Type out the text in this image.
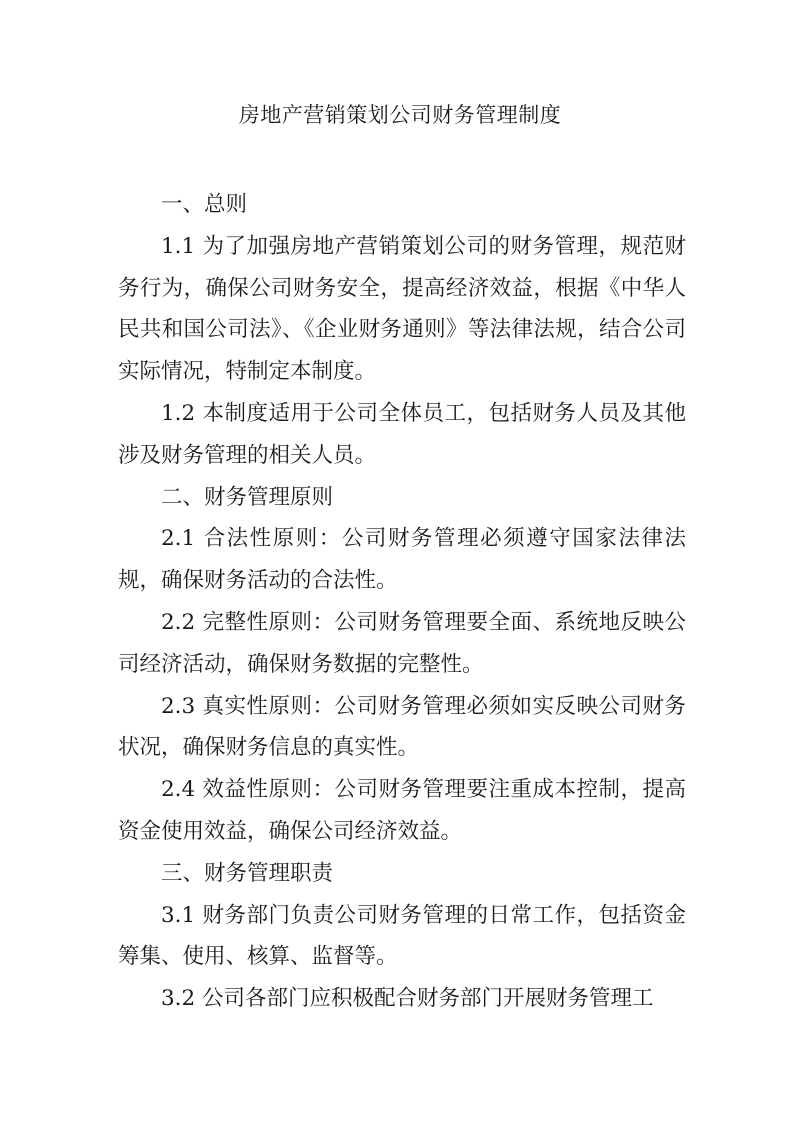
房地产营销策划公司财务管理制度

一、总则

1.1 为了加强房地产营销策划公司的财务管理，规范财务行为，确保公司财务安全，提高经济效益，根据《中华人民共和国公司法》、《企业财务通则》等法律法规，结合公司实际情况，特制定本制度。

1.2 本制度适用于公司全体员工，包括财务人员及其他涉及财务管理的相关人员。

二、财务管理原则

2.1 合法性原则：公司财务管理必须遵守国家法律法规，确保财务活动的合法性。

2.2 完整性原则：公司财务管理要全面、系统地反映公司经济活动，确保财务数据的完整性。

2.3 真实性原则：公司财务管理必须如实反映公司财务状况，确保财务信息的真实性。

2.4 效益性原则：公司财务管理要注重成本控制，提高资金使用效益，确保公司经济效益。

三、财务管理职责

3.1 财务部门负责公司财务管理的日常工作，包括资金筹集、使用、核算、监督等。

3.2 公司各部门应积极配合财务部门开展财务管理工
